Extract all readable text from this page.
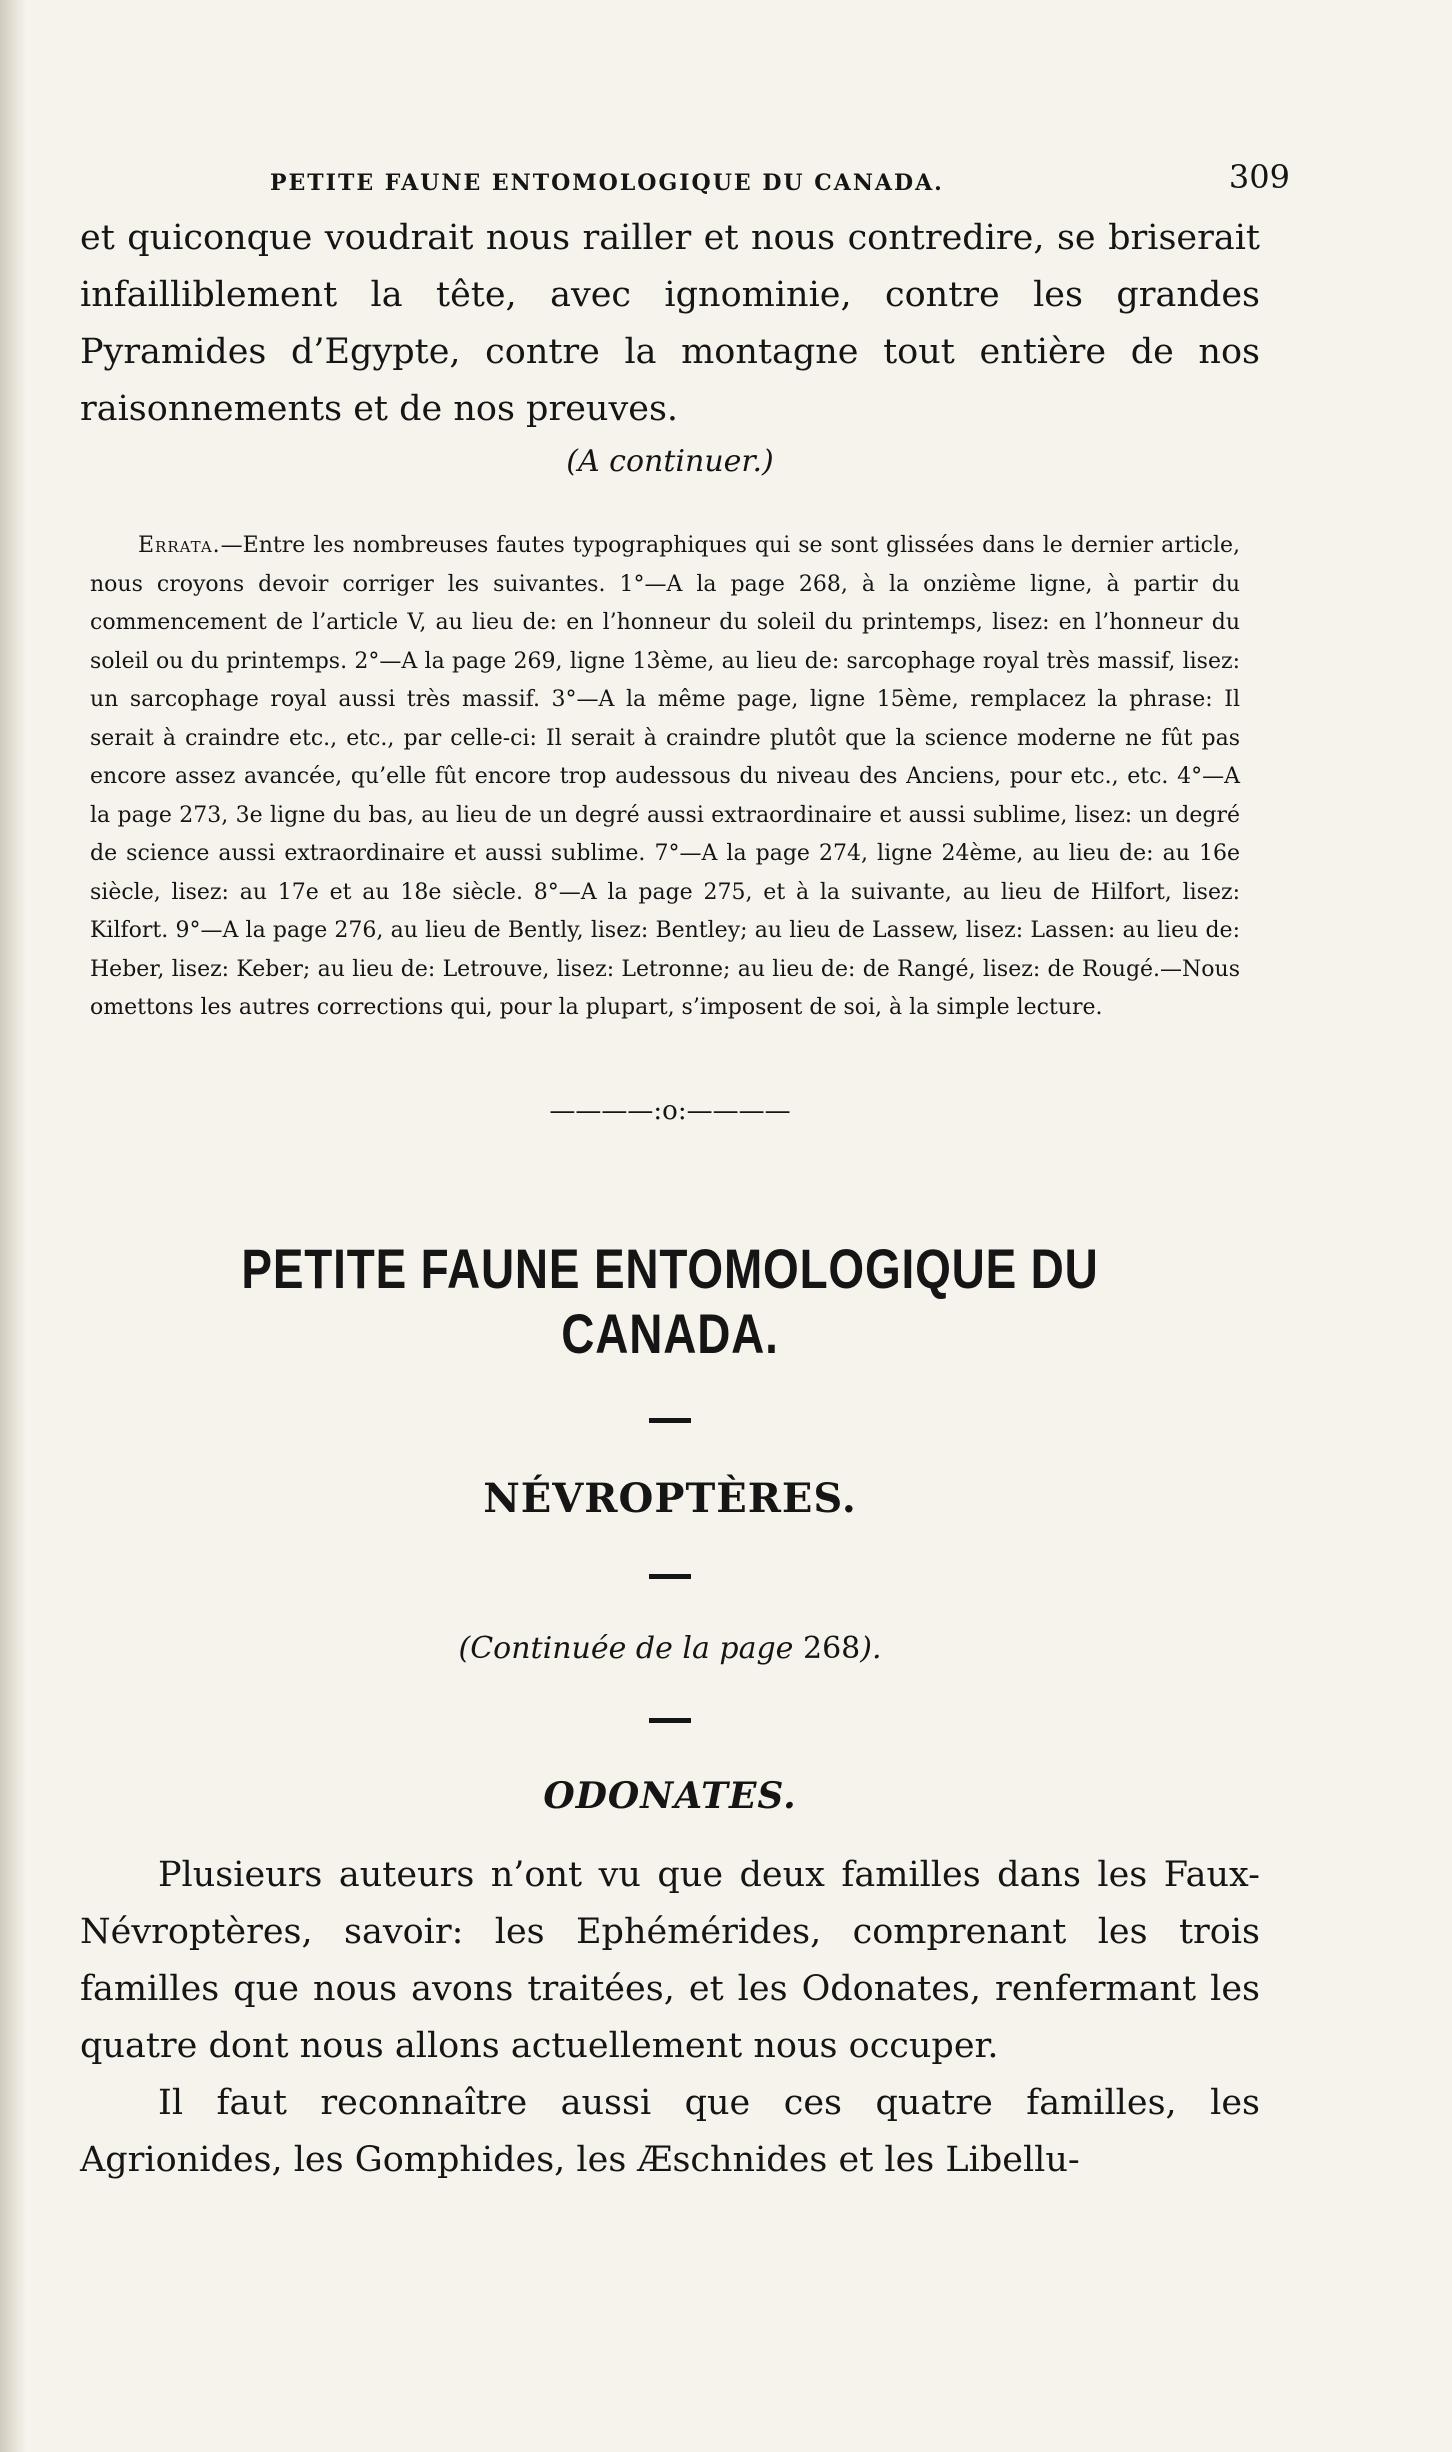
PETITE FAUNE ENTOMOLOGIQUE DU CANADA.	309

et quiconque voudrait nous railler et nous contredire, se briserait infailliblement la tête, avec ignominie, contre les grandes Pyramides d’Egypte, contre la montagne tout entière de nos raisonnements et de nos preuves.

(A continuer.)

Errata.—Entre les nombreuses fautes typographiques qui se sont glissées dans le dernier article, nous croyons devoir corriger les suivantes. 1°—A la page 268, à la onzième ligne, à partir du commencement de l’article V, au lieu de: en l’honneur du soleil du printemps, lisez: en l’honneur du soleil ou du printemps. 2°—A la page 269, ligne 13ème, au lieu de: sarcophage royal très massif, lisez: un sarcophage royal aussi très massif. 3°—A la même page, ligne 15ème, remplacez la phrase: Il serait à craindre etc., etc., par celle-ci: Il serait à craindre plutôt que la science moderne ne fût pas encore assez avancée, qu’elle fût encore trop audessous du niveau des Anciens, pour etc., etc. 4°—A la page 273, 3e ligne du bas, au lieu de un degré aussi extraordinaire et aussi sublime, lisez: un degré de science aussi extraordinaire et aussi sublime. 7°—A la page 274, ligne 24ème, au lieu de: au 16e siècle, lisez: au 17e et au 18e siècle. 8°—A la page 275, et à la suivante, au lieu de Hilfort, lisez: Kilfort. 9°—A la page 276, au lieu de Bently, lisez: Bentley; au lieu de Lassew, lisez: Lassen: au lieu de: Heber, lisez: Keber; au lieu de: Letrouve, lisez: Letronne; au lieu de: de Rangé, lisez: de Rougé.—Nous omettons les autres corrections qui, pour la plupart, s’imposent de soi, à la simple lecture.

————:o:————
PETITE FAUNE ENTOMOLOGIQUE DU CANADA.
NÉVROPTÈRES.

(Continuée de la page 268).

ODONATES.

Plusieurs auteurs n’ont vu que deux familles dans les Faux-Névroptères, savoir: les Ephémérides, comprenant les trois familles que nous avons traitées, et les Odonates, renfermant les quatre dont nous allons actuellement nous occuper.

Il faut reconnaître aussi que ces quatre familles, les Agrionides, les Gomphides, les Æschnides et les Libellu-
